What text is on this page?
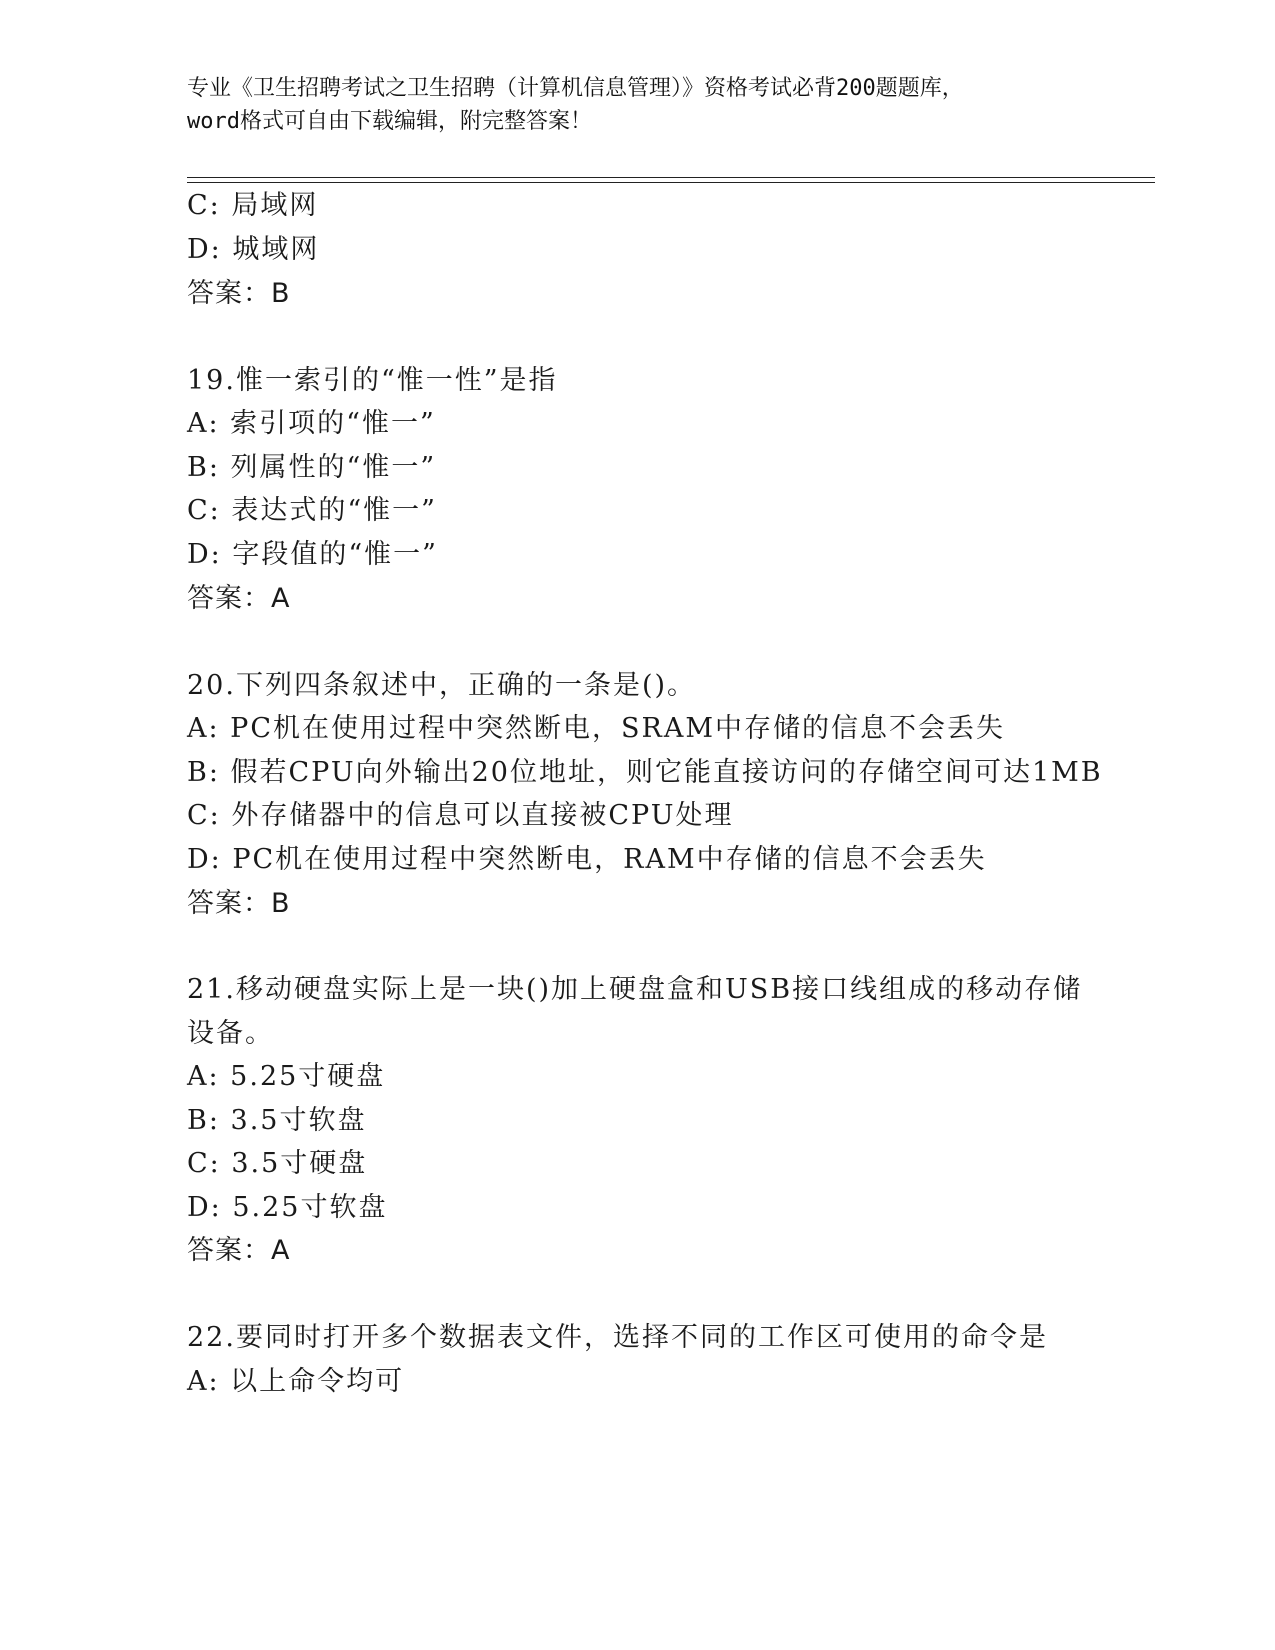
专业《卫生招聘考试之卫生招聘（计算机信息管理）》资格考试必背200题题库，
word格式可自由下载编辑，附完整答案！
C: 局域网
D: 城域网
答案：B
19.惟一索引的“惟一性”是指
A: 索引项的“惟一”
B: 列属性的“惟一”
C: 表达式的“惟一”
D: 字段值的“惟一”
答案：A
20.下列四条叙述中，正确的一条是()。
A: PC机在使用过程中突然断电，SRAM中存储的信息不会丢失
B: 假若CPU向外输出20位地址，则它能直接访问的存储空间可达1MB
C: 外存储器中的信息可以直接被CPU处理
D: PC机在使用过程中突然断电，RAM中存储的信息不会丢失
答案：B
21.移动硬盘实际上是一块()加上硬盘盒和USB接口线组成的移动存储
设备。
A: 5.25寸硬盘
B: 3.5寸软盘
C: 3.5寸硬盘
D: 5.25寸软盘
答案：A
22.要同时打开多个数据表文件，选择不同的工作区可使用的命令是
A: 以上命令均可
